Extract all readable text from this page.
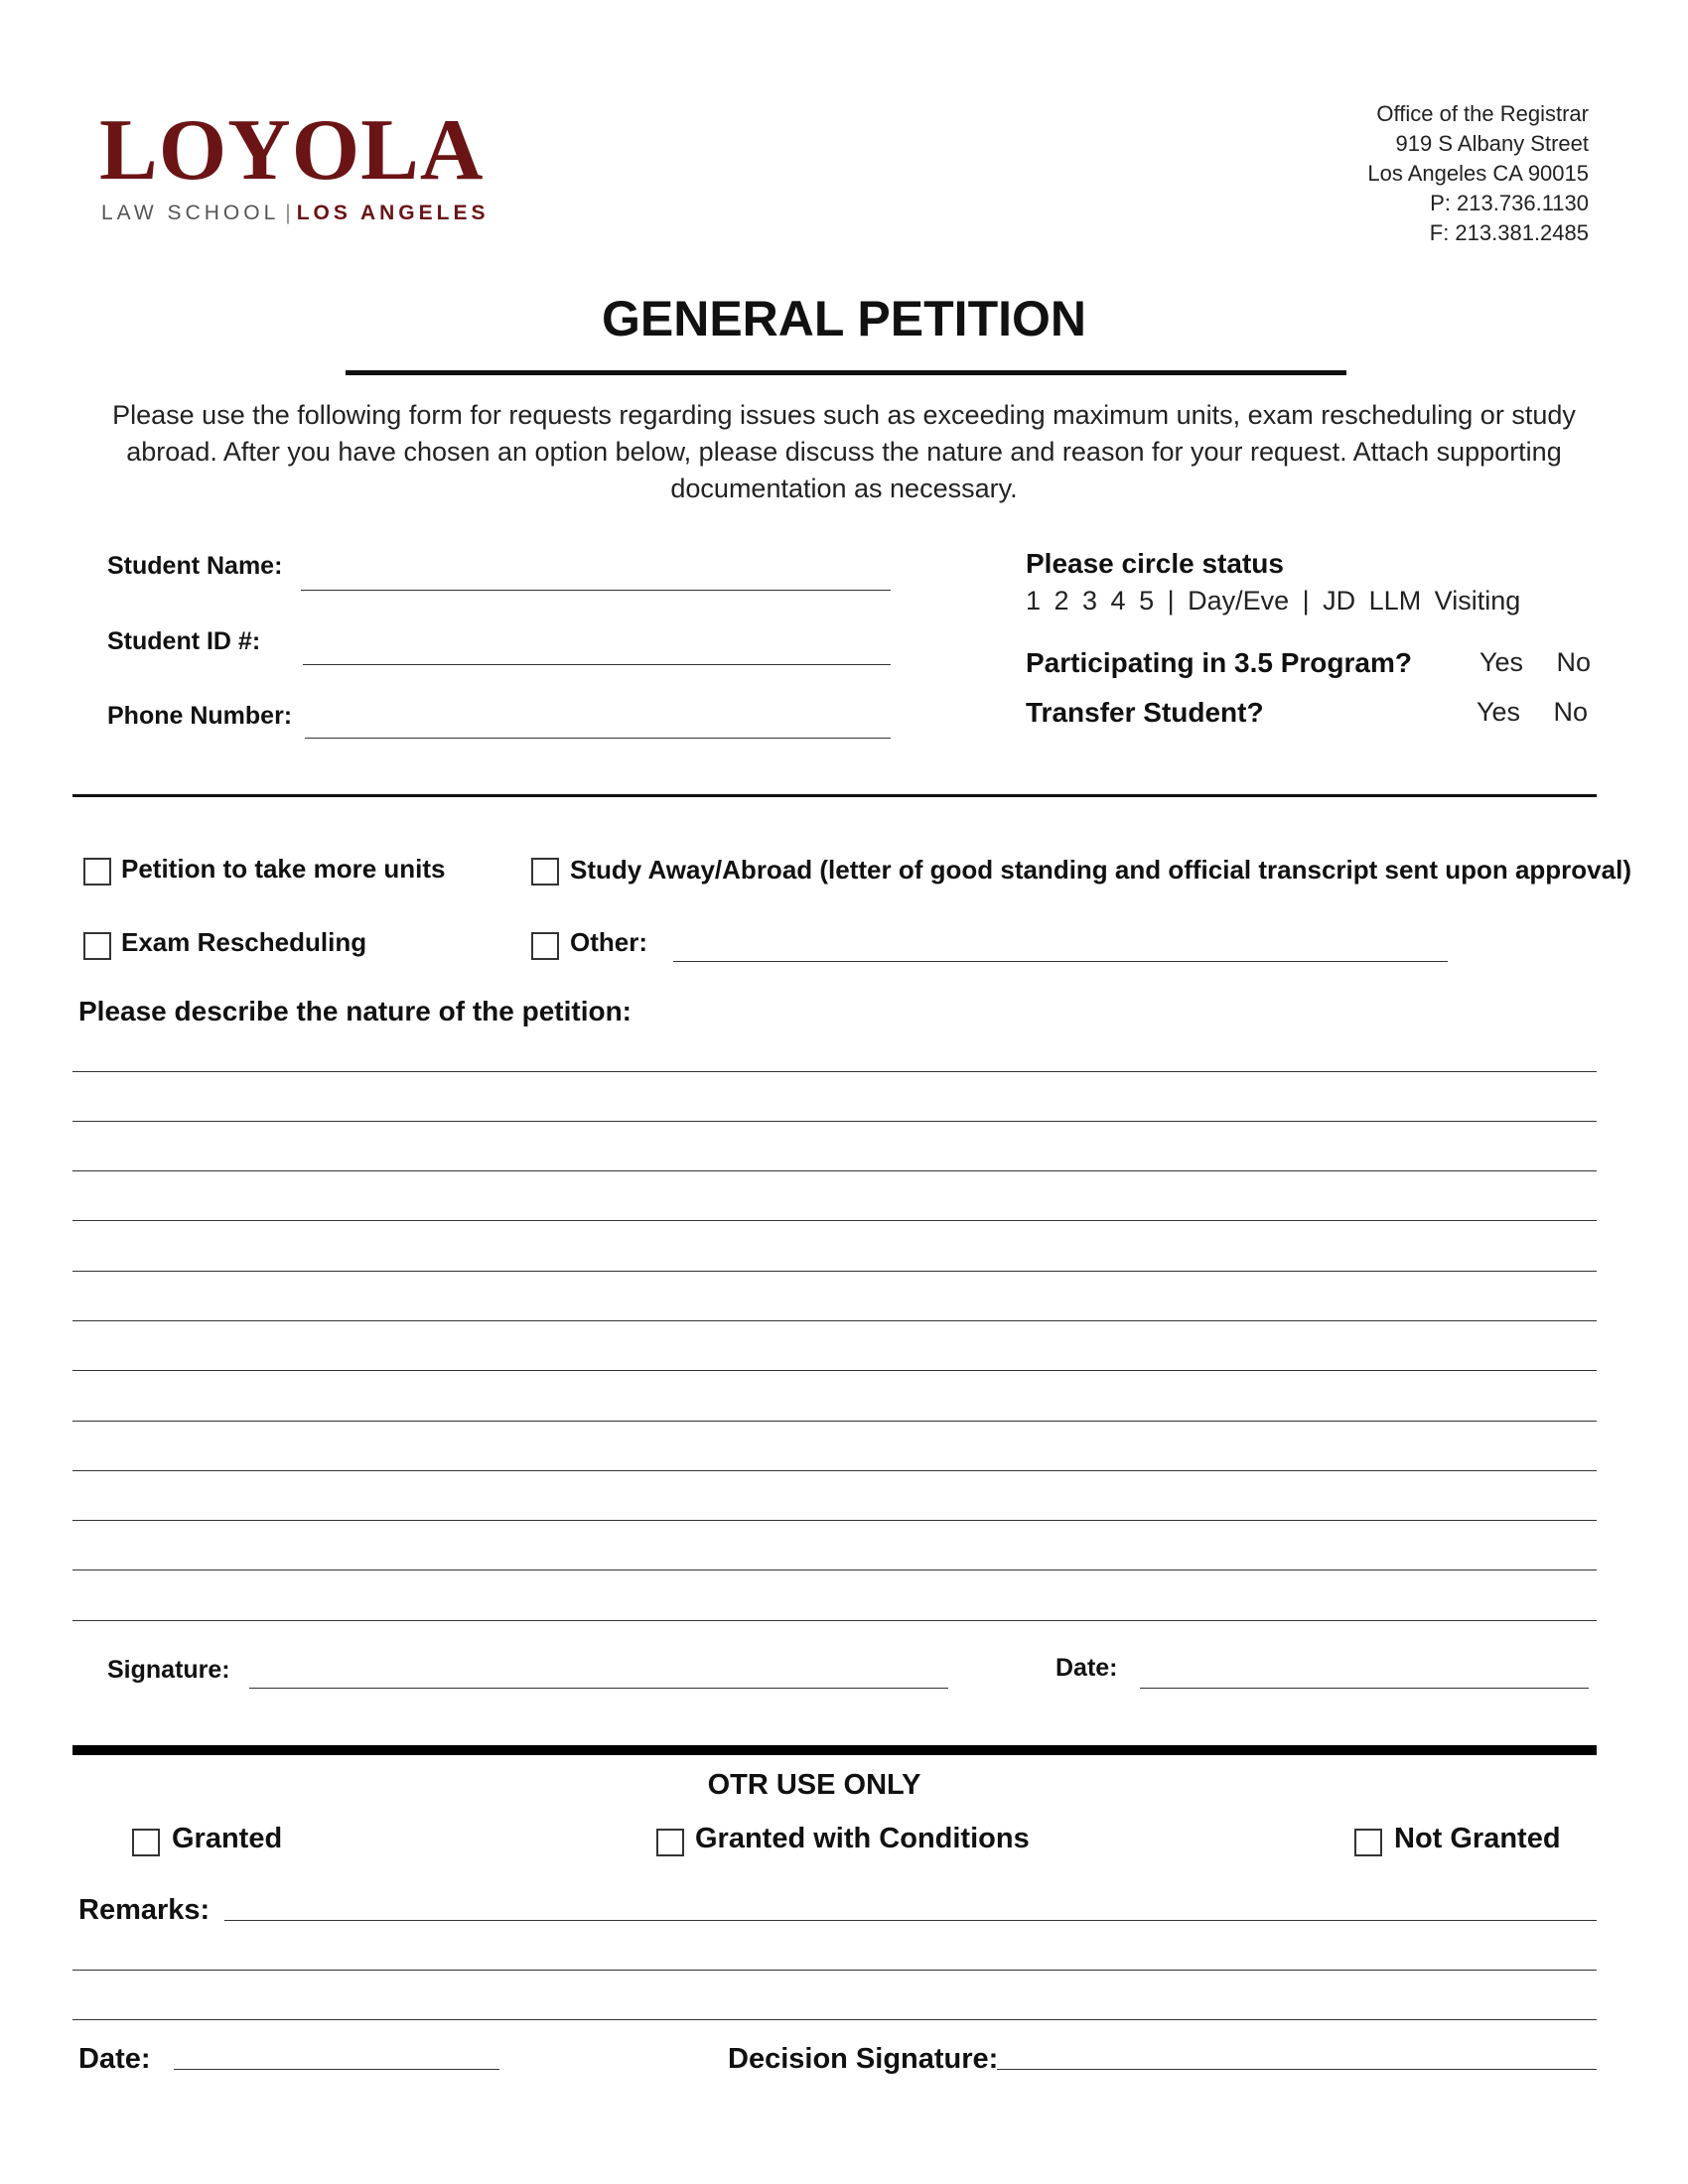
LOYOLA
LAW SCHOOL | LOS ANGELES
Office of the Registrar
919 S Albany Street
Los Angeles CA 90015
P: 213.736.1130
F: 213.381.2485
GENERAL PETITION
Please use the following form for requests regarding issues such as exceeding maximum units, exam rescheduling or study abroad. After you have chosen an option below, please discuss the nature and reason for your request. Attach supporting documentation as necessary.
Student Name:
Student ID #:
Phone Number:
Please circle status
1 2 3 4 5 | Day/Eve | JD LLM Visiting
Participating in 3.5 Program?	Yes No
Transfer Student?	Yes No
Petition to take more units	Study Away/Abroad (letter of good standing and official transcript sent upon approval)
Exam Rescheduling	Other:
Please describe the nature of the petition:
Signature:	Date:
OTR USE ONLY
Granted	Granted with Conditions	Not Granted
Remarks:
Date:	Decision Signature:
